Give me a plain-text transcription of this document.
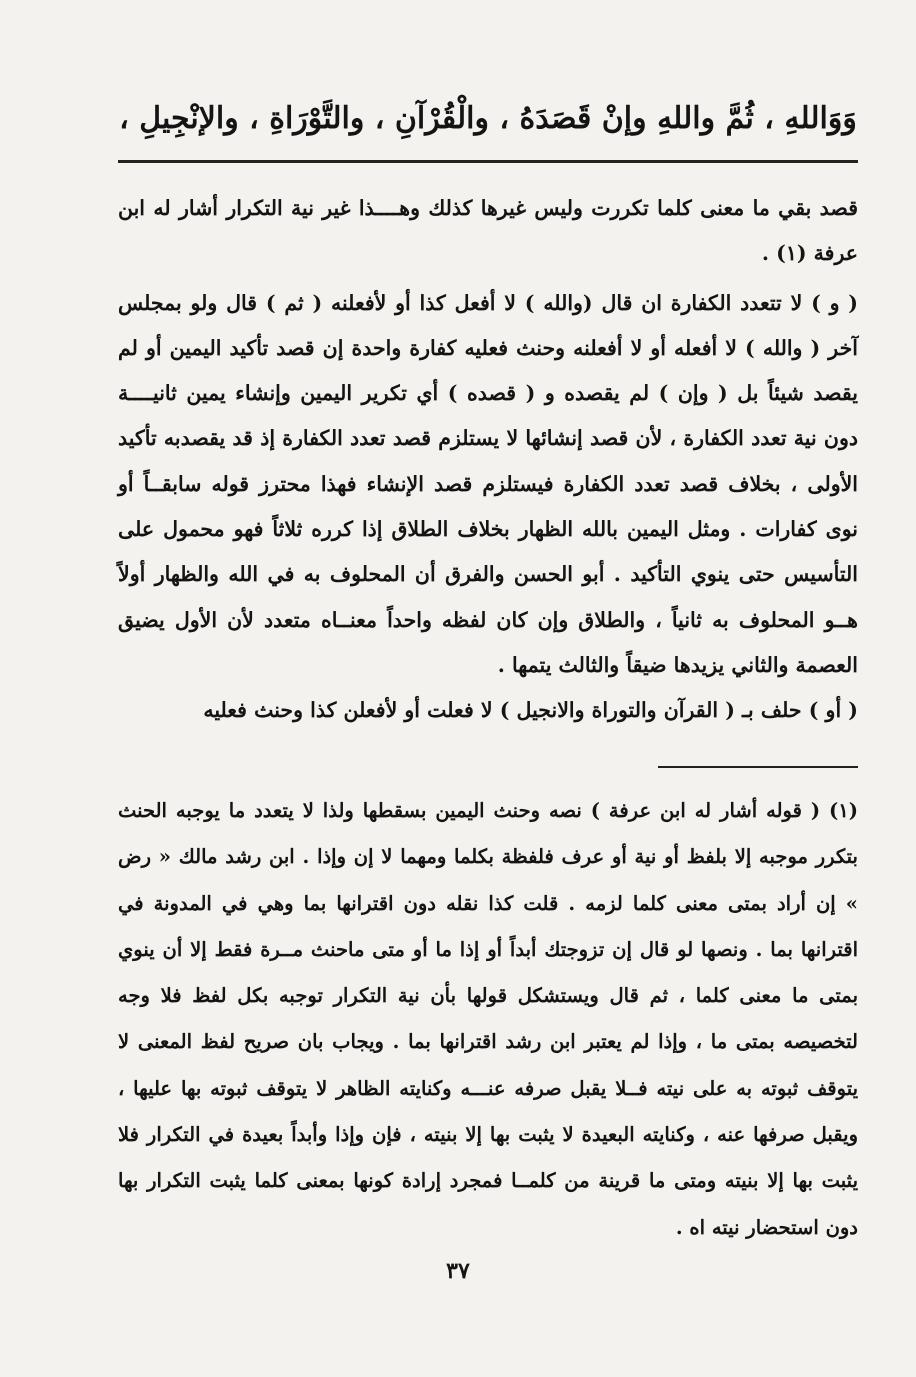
وَوَاللهِ ، ثُمَّ واللهِ وإنْ قَصَدَهُ ، والْقُرْآنِ ، والتَّوْرَاةِ ، والإنْجِيلِ ،

قصد بقي ما معنى كلما تكررت وليس غيرها كذلك وهــــذا غير نية التكرار أشار له ابن عرفة (١) .

( و ) لا تتعدد الكفارة ان قال (والله ) لا أفعل كذا أو لأفعلنه ( ثم ) قال ولو بمجلس آخر ( والله ) لا أفعله أو لا أفعلنه وحنث فعليه كفارة واحدة إن قصد تأكيد اليمين أو لم يقصد شيئاً بل ( وإن ) لم يقصده و ( قصده ) أي تكرير اليمين وإنشاء يمين ثانيــــة دون نية تعدد الكفارة ، لأن قصد إنشائها لا يستلزم قصد تعدد الكفارة إذ قد يقصدبه تأكيد الأولى ، بخلاف قصد تعدد الكفارة فيستلزم قصد الإنشاء فهذا محترز قوله سابقــاً أو نوى كفارات . ومثل اليمين بالله الظهار بخلاف الطلاق إذا كرره ثلاثاً فهو محمول على التأسيس حتى ينوي التأكيد . أبو الحسن والفرق أن المحلوف به في الله والظهار أولاً هــو المحلوف به ثانياً ، والطلاق وإن كان لفظه واحداً معنــاه متعدد لأن الأول يضيق العصمة والثاني يزيدها ضيقاً والثالث يتمها .

( أو ) حلف بـ ( القرآن والتوراة والانجيل ) لا فعلت أو لأفعلن كذا وحنث فعليه

(١) ( قوله أشار له ابن عرفة ) نصه وحنث اليمين بسقطها ولذا لا يتعدد ما يوجبه الحنث بتكرر موجبه إلا بلفظ أو نية أو عرف فلفظة بكلما ومهما لا إن وإذا . ابن رشد مالك « رض » إن أراد بمتى معنى كلما لزمه . قلت كذا نقله دون اقترانها بما وهي في المدونة في اقترانها بما . ونصها لو قال إن تزوجتك أبداً أو إذا ما أو متى ماحنث مــرة فقط إلا أن ينوي بمتى ما معنى كلما ، ثم قال ويستشكل قولها بأن نية التكرار توجبه بكل لفظ فلا وجه لتخصيصه بمتى ما ، وإذا لم يعتبر ابن رشد اقترانها بما . ويجاب بان صريح لفظ المعنى لا يتوقف ثبوته به على نيته فــلا يقبل صرفه عنـــه وكنايته الظاهر لا يتوقف ثبوته بها عليها ، ويقبل صرفها عنه ، وكنايته البعيدة لا يثبت بها إلا بنيته ، فإن وإذا وأبداً بعيدة في التكرار فلا يثبت بها إلا بنيته ومتى ما قرينة من كلمــا فمجرد إرادة كونها بمعنى كلما يثبت التكرار بها دون استحضار نيته اه .

٣٧
